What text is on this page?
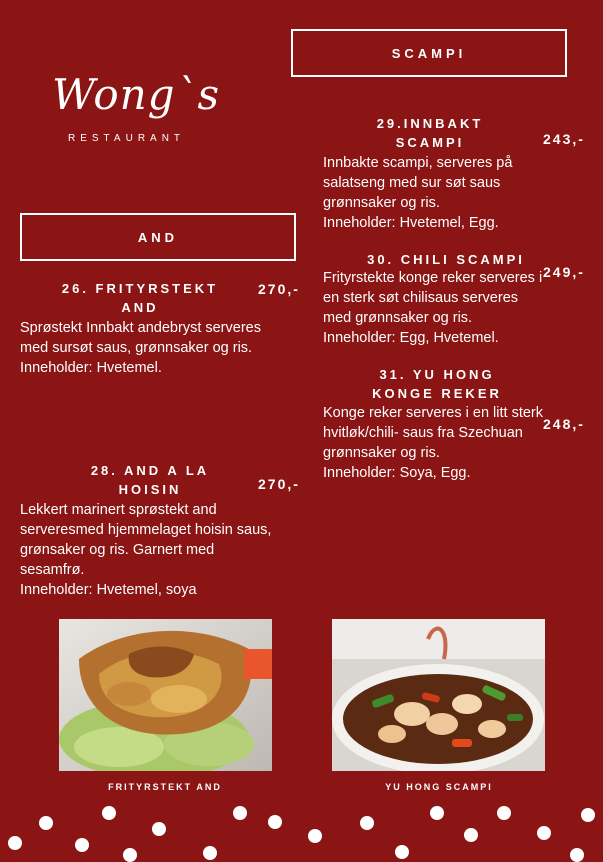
Wong`s
RESTAURANT
AND
SCAMPI
26. FRITYRSTEKT AND
270,-
Sprøstekt Innbakt andebryst serveres med sursøt saus, grønnsaker og ris.
Inneholder: Hvetemel.
28. AND A LA HOISIN	270,-
Lekkert marinert sprøstekt and serveresmed hjemmelaget hoisin saus, grønsaker og ris. Garnert med sesamfrø.
Inneholder: Hvetemel, soya
29.INNBAKT SCAMPI	243,-
Innbakte scampi, serveres på salatseng med sur søt saus grønnsaker og ris.
Inneholder: Hvetemel, Egg.
30. CHILI SCAMPI
249,-
Frityrstekte konge reker serveres i en sterk søt chilisaus serveres med grønnsaker og ris.
Inneholder: Egg, Hvetemel.
31. YU HONG KONGE REKER
248,-
Konge reker serveres i en litt sterk hvitløk/chili- saus fra Szechuan grønnsaker og ris.
Inneholder: Soya, Egg.
FRITYRSTEKT AND	YU HONG SCAMPI
